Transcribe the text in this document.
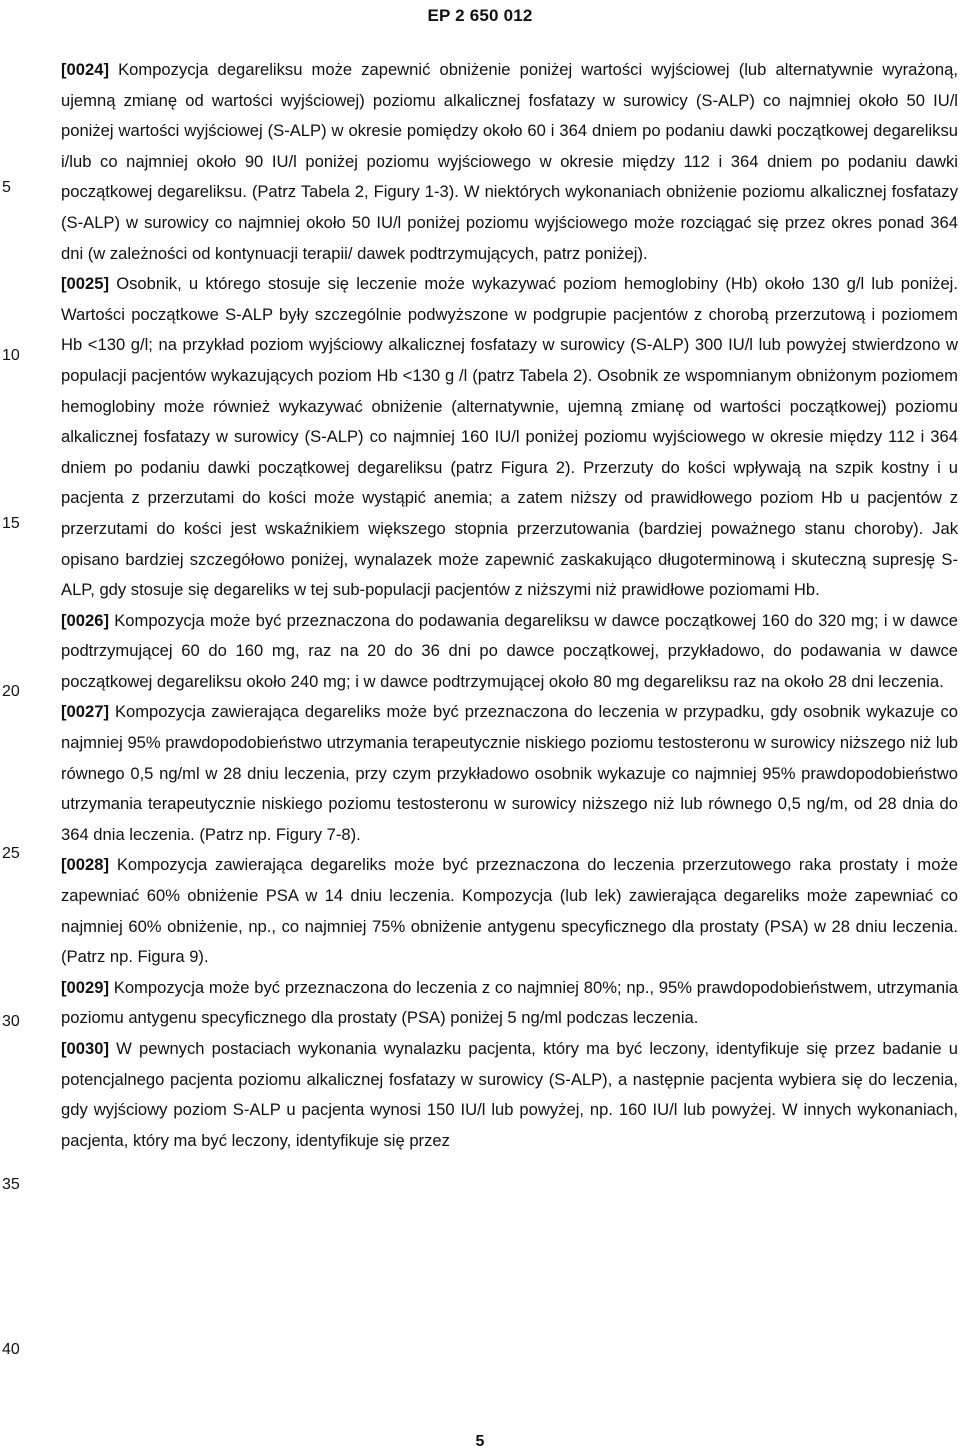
EP 2 650 012
5
10
15
20
25
30
35
40

[0024] Kompozycja degareliksu może zapewnić obniżenie poniżej wartości wyjściowej (lub alternatywnie wyrażoną, ujemną zmianę od wartości wyjściowej) poziomu alkalicznej fosfatazy w surowicy (S-ALP) co najmniej około 50 IU/l poniżej wartości wyjściowej (S-ALP) w okresie pomiędzy około 60 i 364 dniem po podaniu dawki początkowej degareliksu i/lub co najmniej około 90 IU/l poniżej poziomu wyjściowego w okresie między 112 i 364 dniem po podaniu dawki początkowej degareliksu. (Patrz Tabela 2, Figury 1-3). W niektórych wykonaniach obniżenie poziomu alkalicznej fosfatazy (S-ALP) w surowicy co najmniej około 50 IU/l poniżej poziomu wyjściowego może rozciągać się przez okres ponad 364 dni (w zależności od kontynuacji terapii/ dawek podtrzymujących, patrz poniżej).

[0025] Osobnik, u którego stosuje się leczenie może wykazywać poziom hemoglobiny (Hb) około 130 g/l lub poniżej. Wartości początkowe S-ALP były szczególnie podwyższone w podgrupie pacjentów z chorobą przerzutową i poziomem Hb <130 g/l; na przykład poziom wyjściowy alkalicznej fosfatazy w surowicy (S-ALP) 300 IU/l lub powyżej stwierdzono w populacji pacjentów wykazujących poziom Hb <130 g /l (patrz Tabela 2). Osobnik ze wspomnianym obniżonym poziomem hemoglobiny może również wykazywać obniżenie (alternatywnie, ujemną zmianę od wartości początkowej) poziomu alkalicznej fosfatazy w surowicy (S-ALP) co najmniej 160 IU/l poniżej poziomu wyjściowego w okresie między 112 i 364 dniem po podaniu dawki początkowej degareliksu (patrz Figura 2). Przerzuty do kości wpływają na szpik kostny i u pacjenta z przerzutami do kości może wystąpić anemia; a zatem niższy od prawidłowego poziom Hb u pacjentów z przerzutami do kości jest wskaźnikiem większego stopnia przerzutowania (bardziej poważnego stanu choroby). Jak opisano bardziej szczegółowo poniżej, wynalazek może zapewnić zaskakująco długoterminową i skuteczną supresję S-ALP, gdy stosuje się degareliks w tej sub-populacji pacjentów z niższymi niż prawidłowe poziomami Hb.

[0026] Kompozycja może być przeznaczona do podawania degareliksu w dawce początkowej 160 do 320 mg; i w dawce podtrzymującej 60 do 160 mg, raz na 20 do 36 dni po dawce początkowej, przykładowo, do podawania w dawce początkowej degareliksu około 240 mg; i w dawce podtrzymującej około 80 mg degareliksu raz na około 28 dni leczenia.

[0027] Kompozycja zawierająca degareliks może być przeznaczona do leczenia w przypadku, gdy osobnik wykazuje co najmniej 95% prawdopodobieństwo utrzymania terapeutycznie niskiego poziomu testosteronu w surowicy niższego niż lub równego 0,5 ng/ml w 28 dniu leczenia, przy czym przykładowo osobnik wykazuje co najmniej 95% prawdopodobieństwo utrzymania terapeutycznie niskiego poziomu testosteronu w surowicy niższego niż lub równego 0,5 ng/m, od 28 dnia do 364 dnia leczenia. (Patrz np. Figury 7-8).

[0028] Kompozycja zawierająca degareliks może być przeznaczona do leczenia przerzutowego raka prostaty i może zapewniać 60% obniżenie PSA w 14 dniu leczenia. Kompozycja (lub lek) zawierająca degareliks może zapewniać co najmniej 60% obniżenie, np., co najmniej 75% obniżenie antygenu specyficznego dla prostaty (PSA) w 28 dniu leczenia. (Patrz np. Figura 9).

[0029] Kompozycja może być przeznaczona do leczenia z co najmniej 80%; np., 95% prawdopodobieństwem, utrzymania poziomu antygenu specyficznego dla prostaty (PSA) poniżej 5 ng/ml podczas leczenia.

[0030] W pewnych postaciach wykonania wynalazku pacjenta, który ma być leczony, identyfikuje się przez badanie u potencjalnego pacjenta poziomu alkalicznej fosfatazy w surowicy (S-ALP), a następnie pacjenta wybiera się do leczenia, gdy wyjściowy poziom S-ALP u pacjenta wynosi 150 IU/l lub powyżej, np. 160 IU/l lub powyżej. W innych wykonaniach, pacjenta, który ma być leczony, identyfikuje się przez

5
